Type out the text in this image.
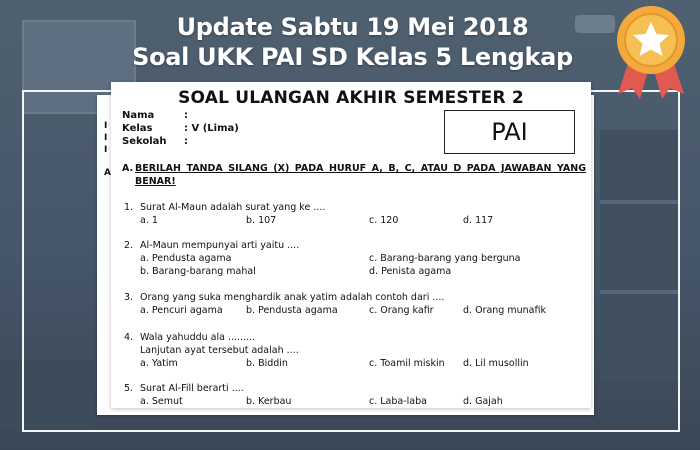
Update Sabtu 19 Mei 2018
Soal UKK PAI SD Kelas 5 Lengkap
I
I
I
A
SOAL ULANGAN AKHIR SEMESTER 2
Nama	:
Kelas	: V (Lima)
Sekolah :	PAI
A. BERILAH TANDA SILANG (X) PADA HURUF A, B, C, ATAU D PADA JAWABAN YANG BENAR!
1. Surat Al-Maun adalah surat yang ke ....
a. 1	b. 107	c. 120	d. 117
2. Al-Maun mempunyai arti yaitu ....
a. Pendusta agama	c. Barang-barang yang berguna
b. Barang-barang mahal	d. Penista agama
3. Orang yang suka menghardik anak yatim adalah contoh dari ....
a. Pencuri agama b. Pendusta agama	c. Orang kafir	d. Orang munafik
4. Wala yahuddu ala .........
Lanjutan ayat tersebut adalah ....
a. Yatim	b. Biddin	c. Toamil miskin d. Lil musollin
5. Surat Al-Fill berarti ....
a. Semut	b. Kerbau	c. Laba-laba	d. Gajah
